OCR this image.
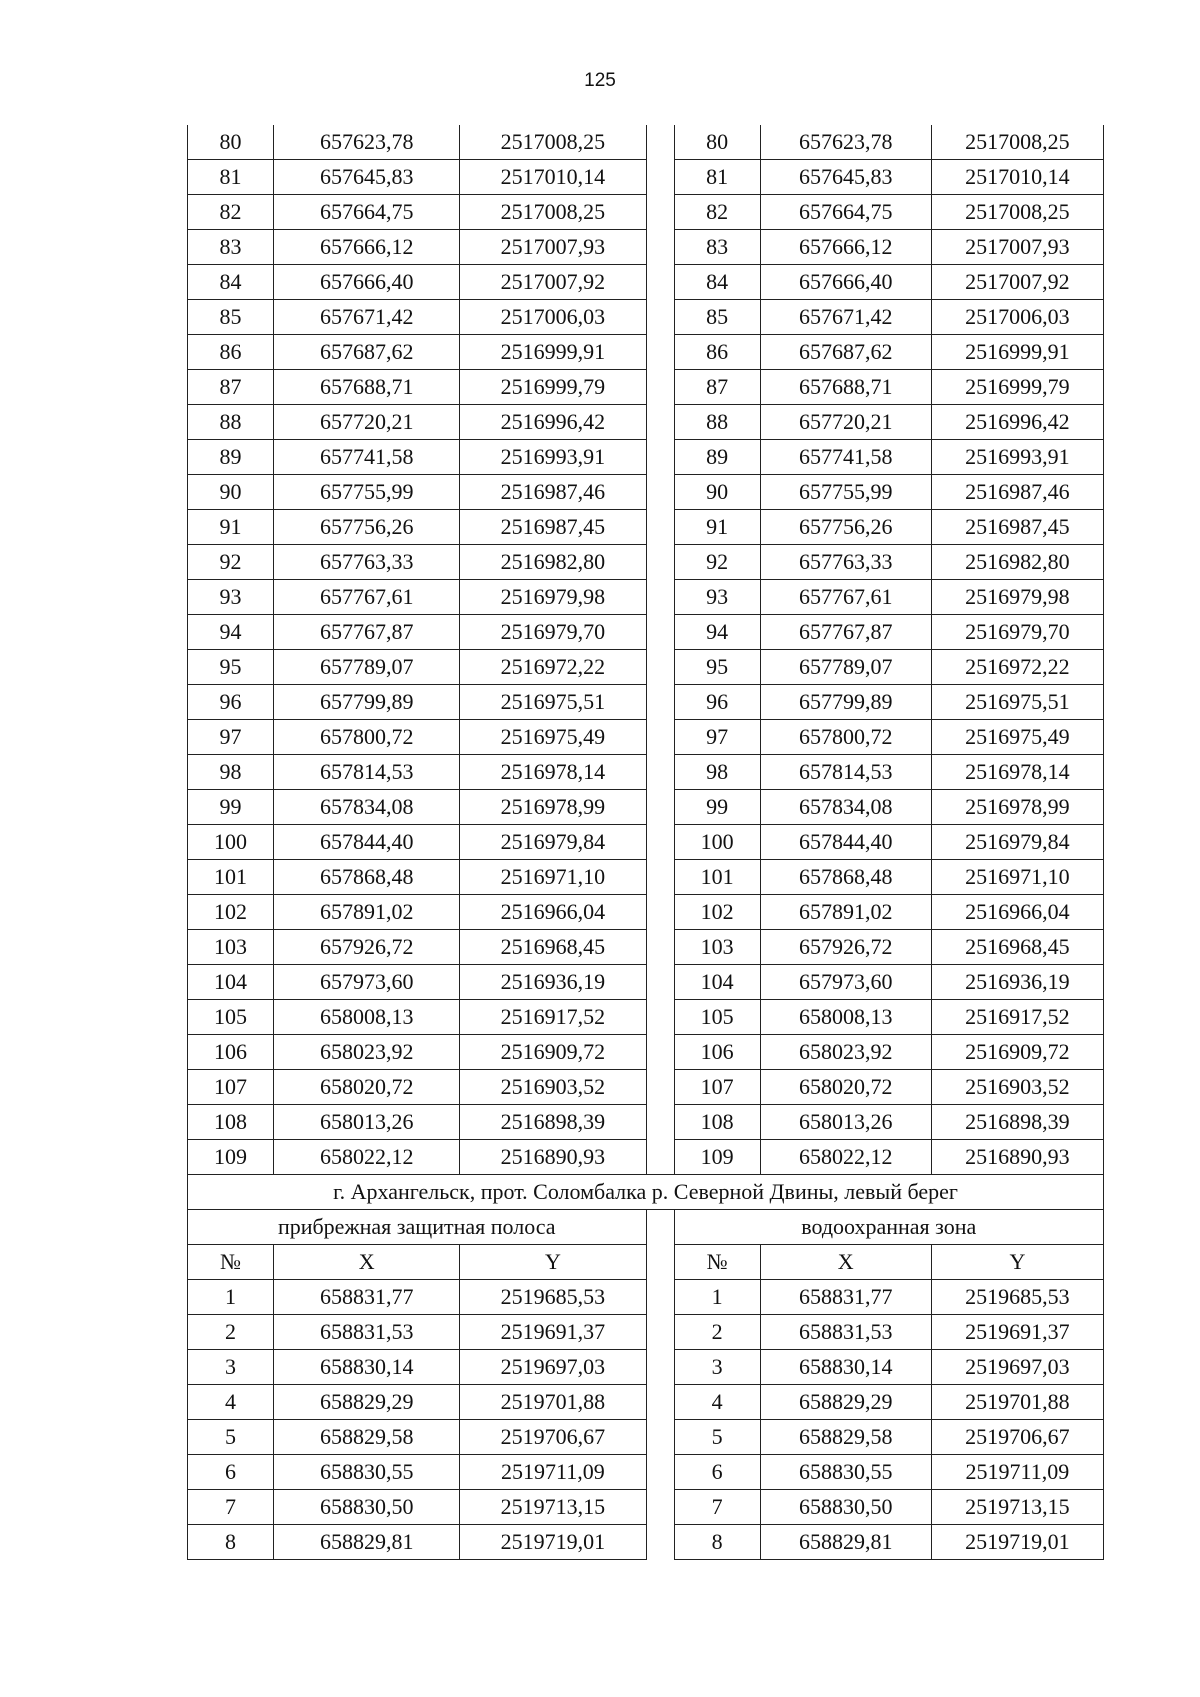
125
80	657623,78	2517008,25		80	657623,78	2517008,25
81	657645,83	2517010,14		81	657645,83	2517010,14
82	657664,75	2517008,25		82	657664,75	2517008,25
83	657666,12	2517007,93		83	657666,12	2517007,93
84	657666,40	2517007,92		84	657666,40	2517007,92
85	657671,42	2517006,03		85	657671,42	2517006,03
86	657687,62	2516999,91		86	657687,62	2516999,91
87	657688,71	2516999,79		87	657688,71	2516999,79
88	657720,21	2516996,42		88	657720,21	2516996,42
89	657741,58	2516993,91		89	657741,58	2516993,91
90	657755,99	2516987,46		90	657755,99	2516987,46
91	657756,26	2516987,45		91	657756,26	2516987,45
92	657763,33	2516982,80		92	657763,33	2516982,80
93	657767,61	2516979,98		93	657767,61	2516979,98
94	657767,87	2516979,70		94	657767,87	2516979,70
95	657789,07	2516972,22		95	657789,07	2516972,22
96	657799,89	2516975,51		96	657799,89	2516975,51
97	657800,72	2516975,49		97	657800,72	2516975,49
98	657814,53	2516978,14		98	657814,53	2516978,14
99	657834,08	2516978,99		99	657834,08	2516978,99
100	657844,40	2516979,84		100	657844,40	2516979,84
101	657868,48	2516971,10		101	657868,48	2516971,10
102	657891,02	2516966,04		102	657891,02	2516966,04
103	657926,72	2516968,45		103	657926,72	2516968,45
104	657973,60	2516936,19		104	657973,60	2516936,19
105	658008,13	2516917,52		105	658008,13	2516917,52
106	658023,92	2516909,72		106	658023,92	2516909,72
107	658020,72	2516903,52		107	658020,72	2516903,52
108	658013,26	2516898,39		108	658013,26	2516898,39
109	658022,12	2516890,93		109	658022,12	2516890,93
г. Архангельск, прот. Соломбалка р. Северной Двины, левый берег						
прибрежная защитная полоса				водоохранная зона		
№	X	Y		№	X	Y
1	658831,77	2519685,53		1	658831,77	2519685,53
2	658831,53	2519691,37		2	658831,53	2519691,37
3	658830,14	2519697,03		3	658830,14	2519697,03
4	658829,29	2519701,88		4	658829,29	2519701,88
5	658829,58	2519706,67		5	658829,58	2519706,67
6	658830,55	2519711,09		6	658830,55	2519711,09
7	658830,50	2519713,15		7	658830,50	2519713,15
8	658829,81	2519719,01		8	658829,81	2519719,01
